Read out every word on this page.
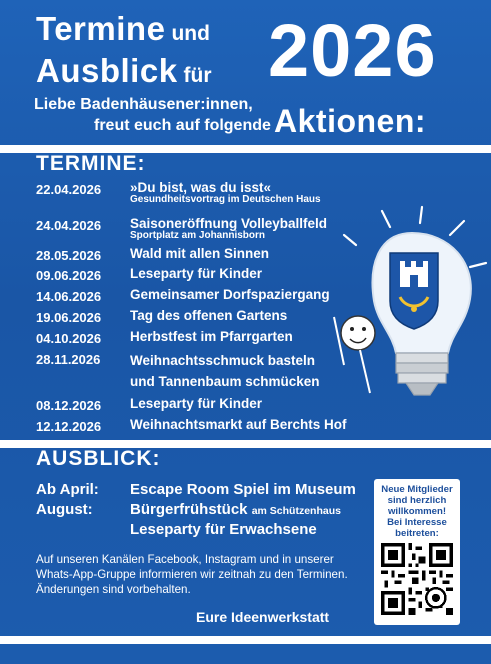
Termine und
Ausblick für 2026
Liebe Badenhäusener:innen,
freut euch auf folgende Aktionen:
TERMINE:
22.04.2026	»Du bist, was du isst«
Gesundheitsvortrag im Deutschen Haus
24.04.2026	Saisoneröffnung Volleyballfeld
Sportplatz am Johannisborn
28.05.2026	Wald mit allen Sinnen
09.06.2026	Leseparty für Kinder
14.06.2026	Gemeinsamer Dorfspaziergang
19.06.2026	Tag des offenen Gartens
04.10.2026	Herbstfest im Pfarrgarten
28.11.2026	Weihnachtsschmuck basteln
und Tannenbaum schmücken
08.12.2026	Leseparty für Kinder
12.12.2026	Weihnachtsmarkt auf Berchts Hof
AUSBLICK:
Ab April:	Escape Room Spiel im Museum
August:	Bürgerfrühstück am Schützenhaus
Leseparty für Erwachsene
Auf unseren Kanälen Facebook, Instagram und in unserer Whats-App-Gruppe informieren wir zeitnah zu den Terminen. Änderungen sind vorbehalten.
Eure Ideenwerkstatt
Neue Mitglieder
sind herzlich
willkommen!
Bei Interesse
beitreten:
